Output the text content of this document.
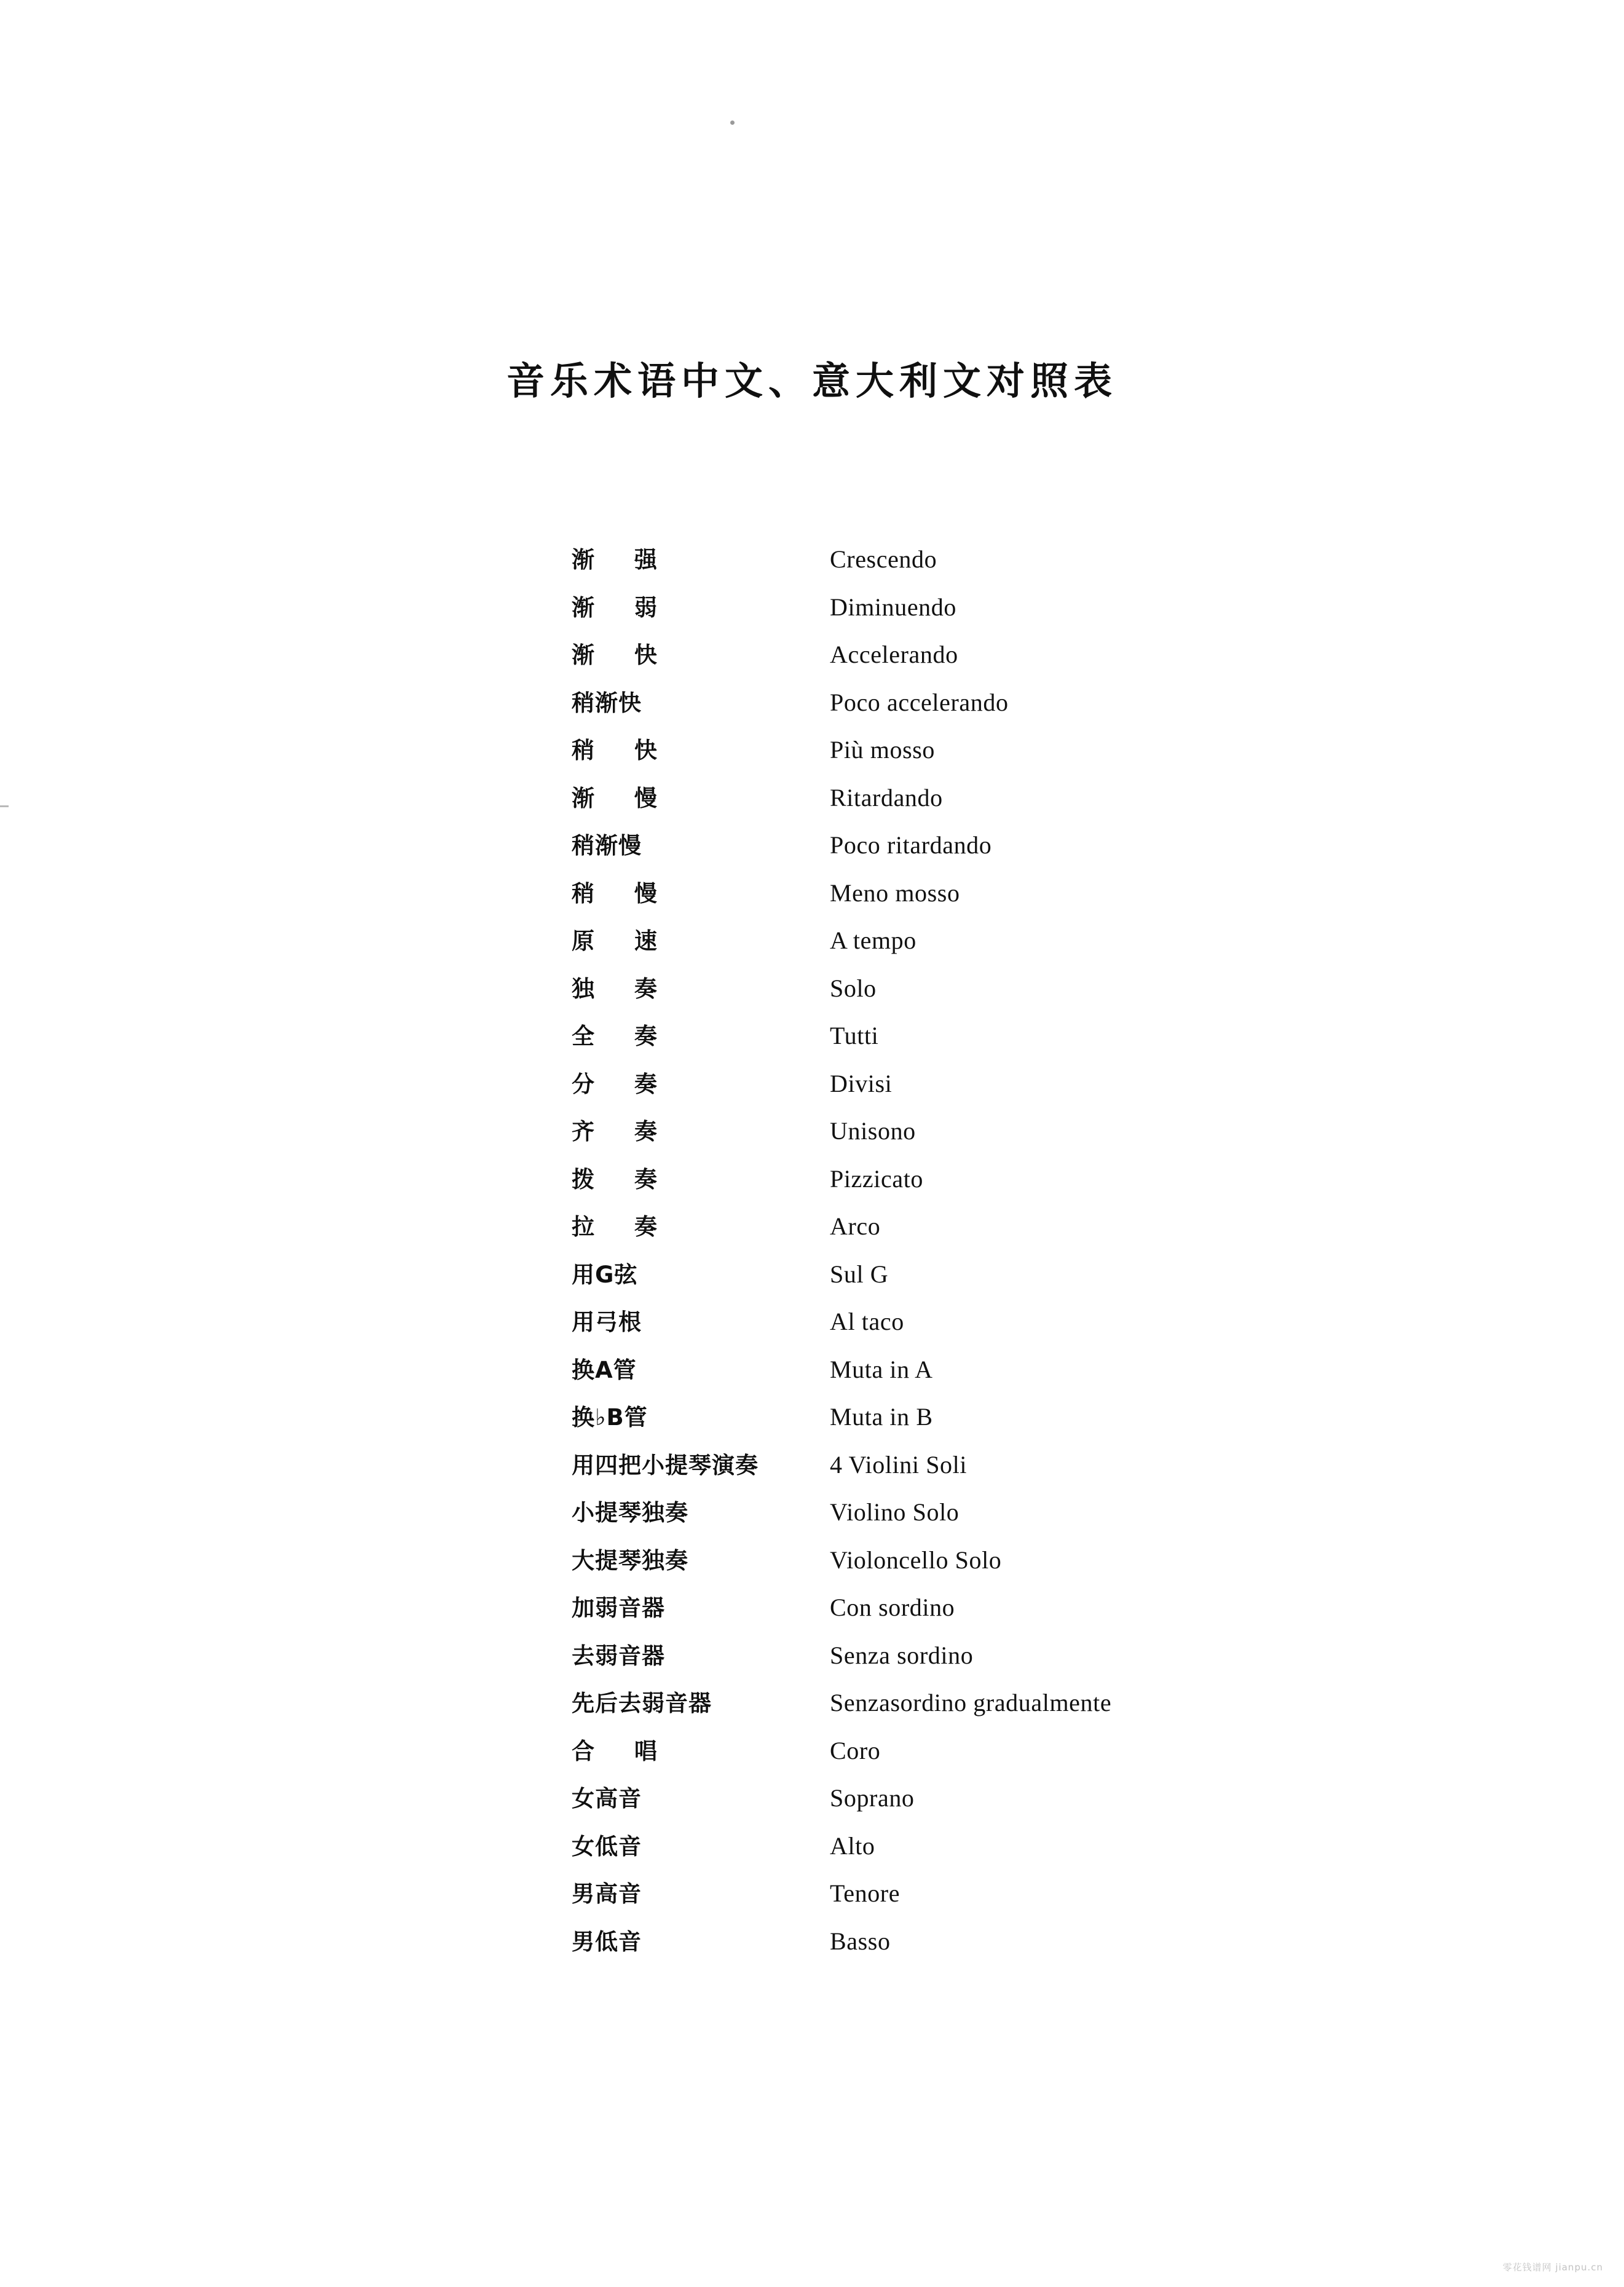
音乐术语中文、意大利文对照表
渐 强	Crescendo
渐 弱	Diminuendo
渐 快	Accelerando
稍渐快	Poco accelerando
稍 快	Più mosso
渐 慢	Ritardando
稍渐慢	Poco ritardando
稍 慢	Meno mosso
原 速	A tempo
独 奏	Solo
全 奏	Tutti
分 奏	Divisi
齐 奏	Unisono
拨 奏	Pizzicato
拉 奏	Arco
用G弦	Sul G
用弓根	Al taco
换A管	Muta in A
换♭B管	Muta in B
用四把小提琴演奏	4 Violini Soli
小提琴独奏	Violino Solo
大提琴独奏	Violoncello Solo
加弱音器	Con sordino
去弱音器	Senza sordino
先后去弱音器	Senzasordino gradualmente
合 唱	Coro
女高音	Soprano
女低音	Alto
男高音	Tenore
男低音	Basso
零花钱谱网 jianpu.cn
